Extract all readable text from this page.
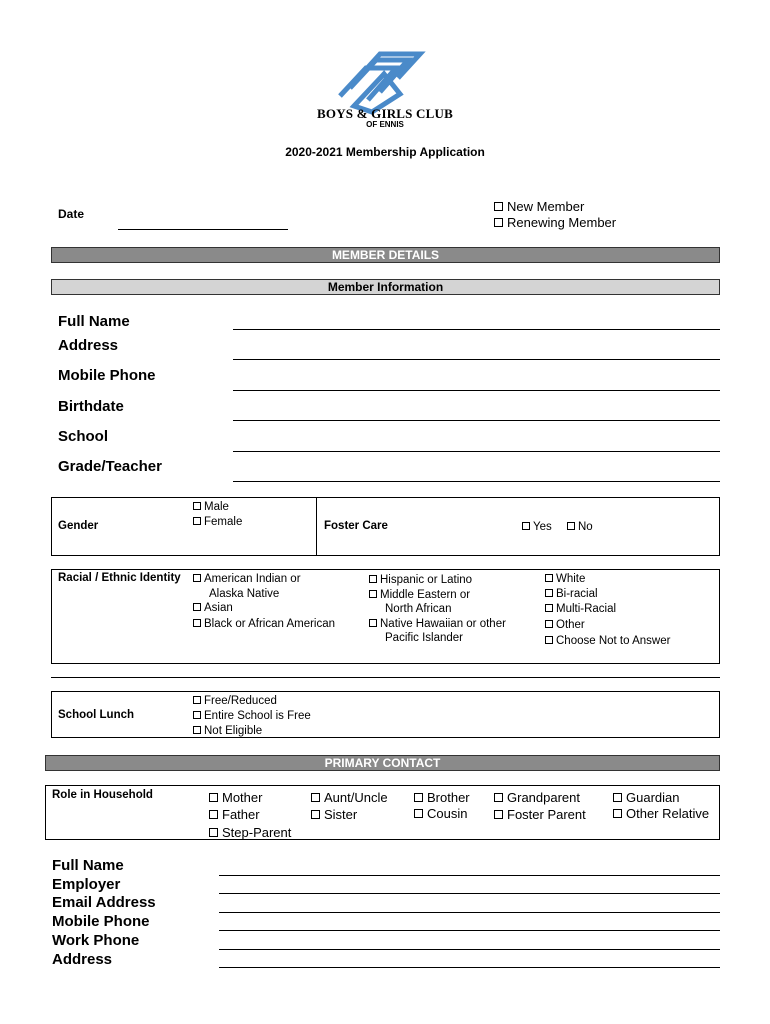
BOYS & GIRLS CLUB
OF ENNIS
2020-2021 Membership Application
Date	New Member
Renewing Member
MEMBER DETAILS
Member Information
Full Name
Address
Mobile Phone
Birthdate
School
Grade/Teacher
Gender
Male
Female	Foster Care	Yes	No
Racial / Ethnic Identity	American Indian or
Alaska Native
Asian
Black or African American
Hispanic or Latino
Middle Eastern or
North African
Native Hawaiian or other
Pacific Islander
White
Bi-racial
Multi-Racial
Other
Choose Not to Answer
School Lunch
Free/Reduced
Entire School is Free
Not Eligible
PRIMARY CONTACT
Role in Household	Mother
Father
Step-Parent
Aunt/Uncle
Sister
Brother
Cousin
Grandparent
Foster Parent
Guardian
Other Relative
Full Name
Employer
Email Address
Mobile Phone
Work Phone
Address
